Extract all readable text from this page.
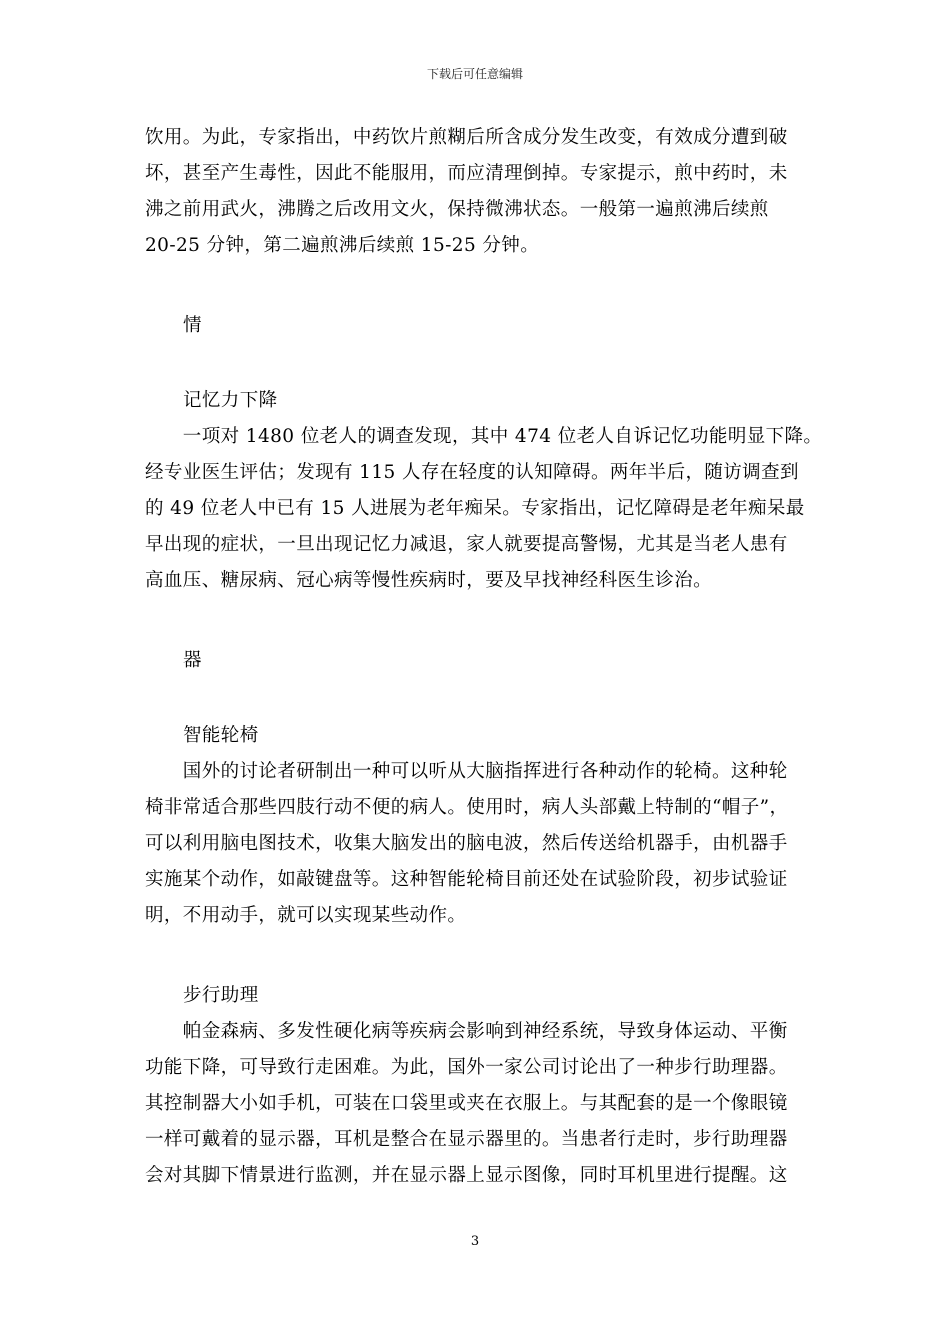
下载后可任意编辑
饮用。为此，专家指出，中药饮片煎糊后所含成分发生改变，有效成分遭到破
坏，甚至产生毒性，因此不能服用，而应清理倒掉。专家提示，煎中药时，未
沸之前用武火，沸腾之后改用文火，保持微沸状态。一般第一遍煎沸后续煎
20-25 分钟，第二遍煎沸后续煎 15-25 分钟。
情
记忆力下降
　　一项对 1480 位老人的调查发现，其中 474 位老人自诉记忆功能明显下降。
经专业医生评估；发现有 115 人存在轻度的认知障碍。两年半后，随访调查到
的 49 位老人中已有 15 人进展为老年痴呆。专家指出，记忆障碍是老年痴呆最
早出现的症状，一旦出现记忆力减退，家人就要提高警惕，尤其是当老人患有
高血压、糖尿病、冠心病等慢性疾病时，要及早找神经科医生诊治。
器
智能轮椅
　　国外的讨论者研制出一种可以听从大脑指挥进行各种动作的轮椅。这种轮
椅非常适合那些四肢行动不便的病人。使用时，病人头部戴上特制的“帽子”，
可以利用脑电图技术，收集大脑发出的脑电波，然后传送给机器手，由机器手
实施某个动作，如敲键盘等。这种智能轮椅目前还处在试验阶段，初步试验证
明，不用动手，就可以实现某些动作。
步行助理
　　帕金森病、多发性硬化病等疾病会影响到神经系统，导致身体运动、平衡
功能下降，可导致行走困难。为此，国外一家公司讨论出了一种步行助理器。
其控制器大小如手机，可装在口袋里或夹在衣服上。与其配套的是一个像眼镜
一样可戴着的显示器，耳机是整合在显示器里的。当患者行走时，步行助理器
会对其脚下情景进行监测，并在显示器上显示图像，同时耳机里进行提醒。这
3
